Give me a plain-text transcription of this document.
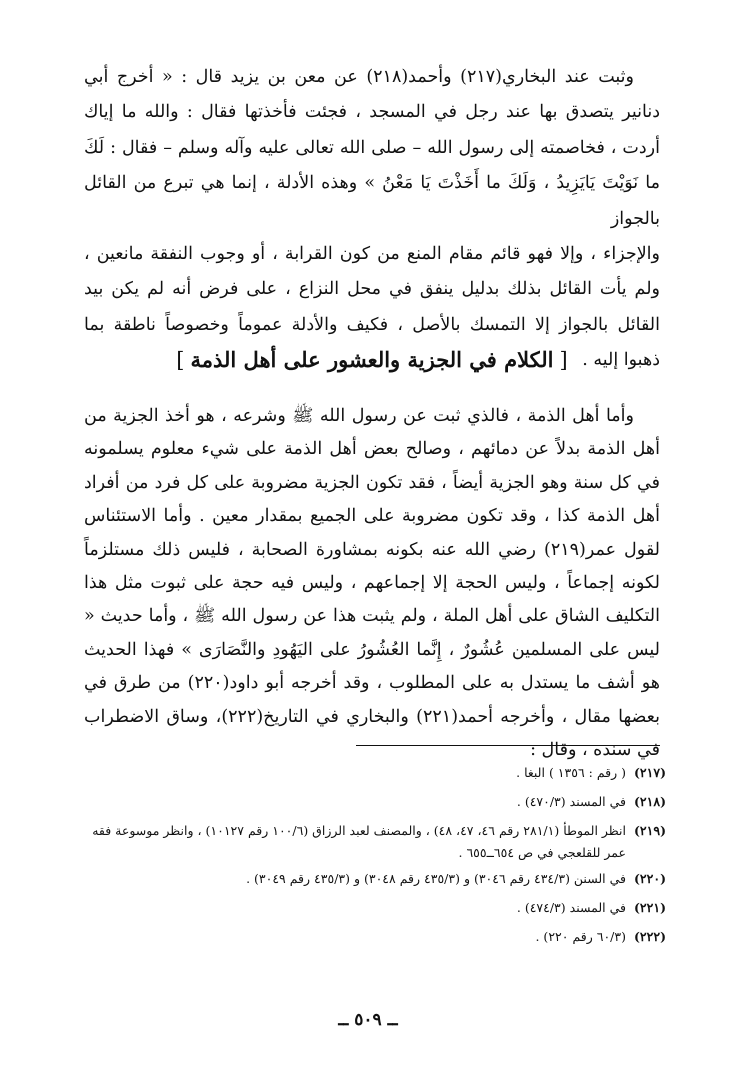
وثبت عند البخاري(٢١٧) وأحمد(٢١٨) عن معن بن يزيد قال : « أخرج أبي دنانير يتصدق بها عند رجل في المسجد ، فجئت فأخذتها فقال : والله ما إياك أردت ، فخاصمته إلى رسول الله – صلى الله تعالى عليه وآله وسلم – فقال : لَكَ ما نَوَيْتَ يَايَزِيدُ ، وَلَكَ ما أَخَذْتَ يَا مَعْنُ » وهذه الأدلة ، إنما هي تبرع من القائل بالجواز

والإجزاء ، وإلا فهو قائم مقام المنع من كون القرابة ، أو وجوب النفقة مانعين ، ولم يأت القائل بذلك بدليل ينفق في محل النزاع ، على فرض أنه لم يكن بيد القائل بالجواز إلا التمسك بالأصل ، فكيف والأدلة عموماً وخصوصاً ناطقة بما ذهبوا إليه .

[الكلام في الجزية والعشور على أهل الذمة]

وأما أهل الذمة ، فالذي ثبت عن رسول الله ﷺ وشرعه ، هو أخذ الجزية من أهل الذمة بدلاً عن دمائهم ، وصالح بعض أهل الذمة على شيء معلوم يسلمونه في كل سنة وهو الجزية أيضاً ، فقد تكون الجزية مضروبة على كل فرد من أفراد أهل الذمة كذا ، وقد تكون مضروبة على الجميع بمقدار معين . وأما الاستئناس لقول عمر(٢١٩) رضي الله عنه بكونه بمشاورة الصحابة ، فليس ذلك مستلزماً لكونه إجماعاً ، وليس الحجة إلا إجماعهم ، وليس فيه حجة على ثبوت مثل هذا التكليف الشاق على أهل الملة ، ولم يثبت هذا عن رسول الله ﷺ ، وأما حديث « ليس على المسلمين عُشُورٌ ، إِنَّما العُشُورُ على اليَهُودِ والنَّصَارَى » فهذا الحديث هو أشف ما يستدل به على المطلوب ، وقد أخرجه أبو داود(٢٢٠) من طرق في بعضها مقال ، وأخرجه أحمد(٢٢١) والبخاري في التاريخ(٢٢٢)، وساق الاضطراب في سنده ، وقال :

(٢١٧)
( رقم : ١٣٥٦ ) البغا .
(٢١٨)
في المسند (٤٧٠/٣) .
(٢١٩)
انظر الموطأ (٢٨١/١ رقم ٤٦، ٤٧، ٤٨) ، والمصنف لعبد الرزاق (١٠٠/٦ رقم ١٠١٢٧) ، وانظر موسوعة فقه عمر للقلعجي في ص ٦٥٤ــ٦٥٥ .
(٢٢٠)
في السنن (٤٣٤/٣ رقم ٣٠٤٦) و (٤٣٥/٣ رقم ٣٠٤٨) و (٤٣٥/٣ رقم ٣٠٤٩) .
(٢٢١)
في المسند (٤٧٤/٣) .
(٢٢٢)
(٦٠/٣ رقم ٢٢٠) .
ــ ٥٠٩ ــ
